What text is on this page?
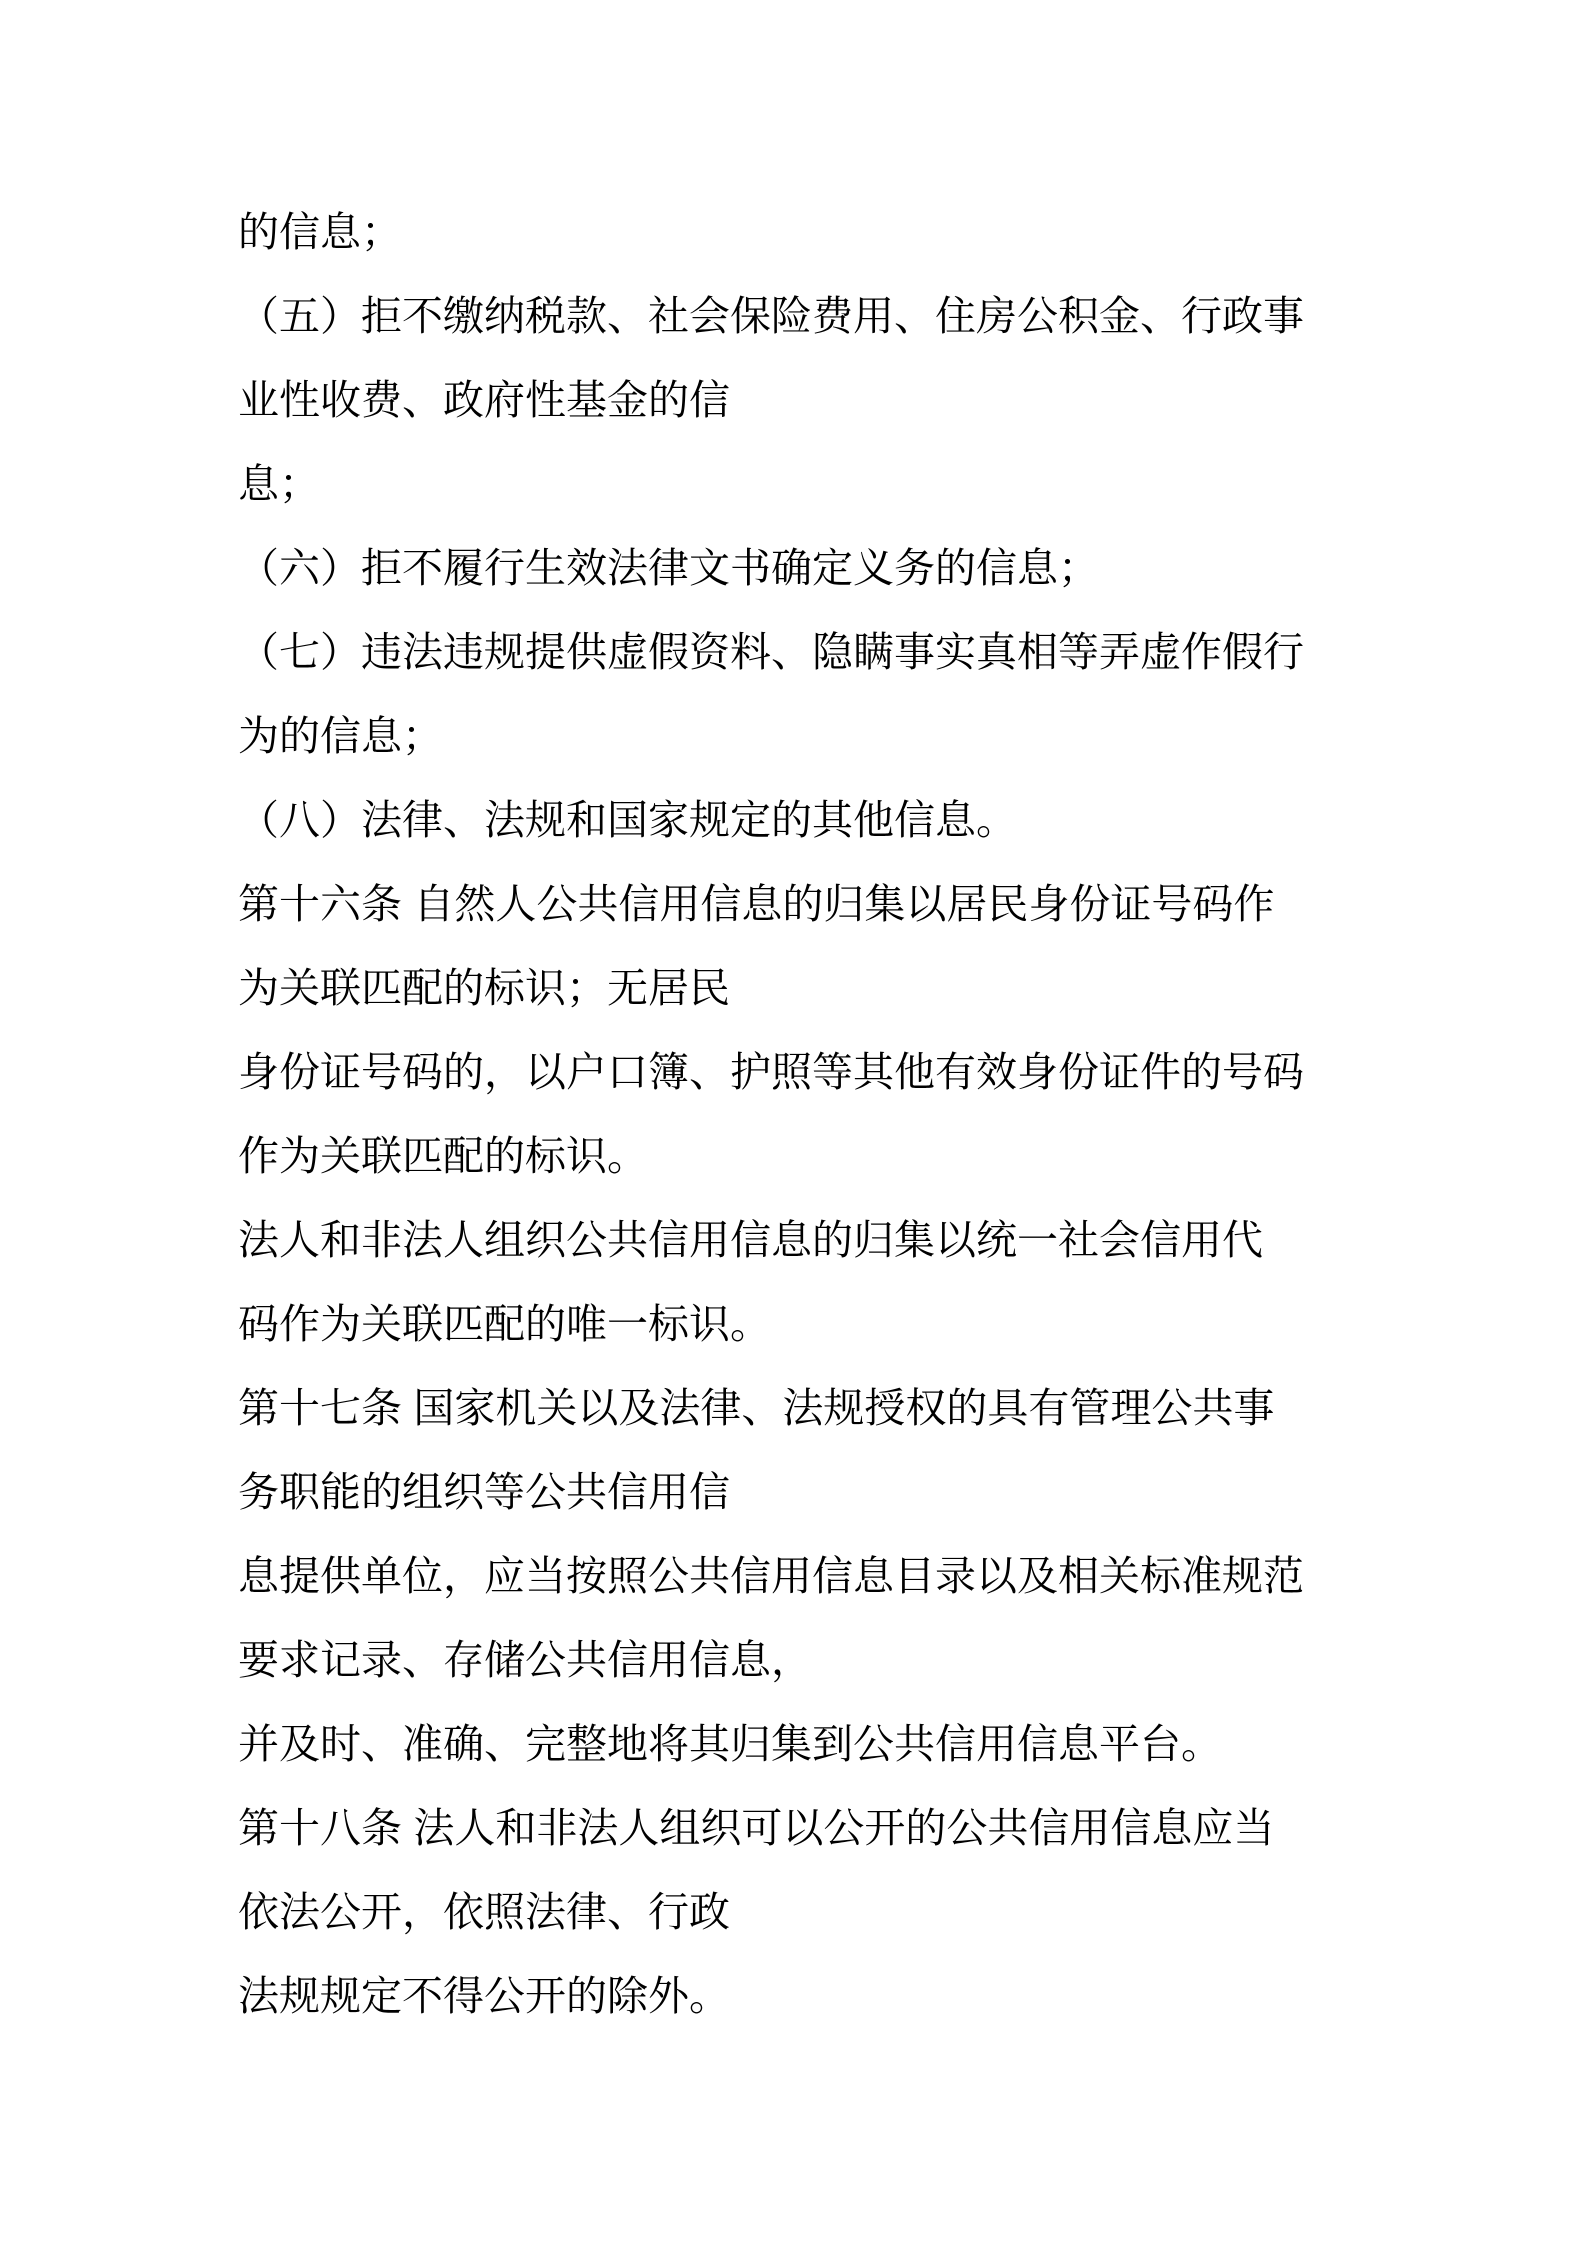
的信息；
（五）拒不缴纳税款、社会保险费用、住房公积金、行政事
业性收费、政府性基金的信
息；
（六）拒不履行生效法律文书确定义务的信息；
（七）违法违规提供虚假资料、隐瞒事实真相等弄虚作假行
为的信息；
（八）法律、法规和国家规定的其他信息。
第十六条 自然人公共信用信息的归集以居民身份证号码作
为关联匹配的标识；无居民
身份证号码的，以户口簿、护照等其他有效身份证件的号码
作为关联匹配的标识。
法人和非法人组织公共信用信息的归集以统一社会信用代
码作为关联匹配的唯一标识。
第十七条 国家机关以及法律、法规授权的具有管理公共事
务职能的组织等公共信用信
息提供单位，应当按照公共信用信息目录以及相关标准规范
要求记录、存储公共信用信息，
并及时、准确、完整地将其归集到公共信用信息平台。
第十八条 法人和非法人组织可以公开的公共信用信息应当
依法公开，依照法律、行政
法规规定不得公开的除外。
